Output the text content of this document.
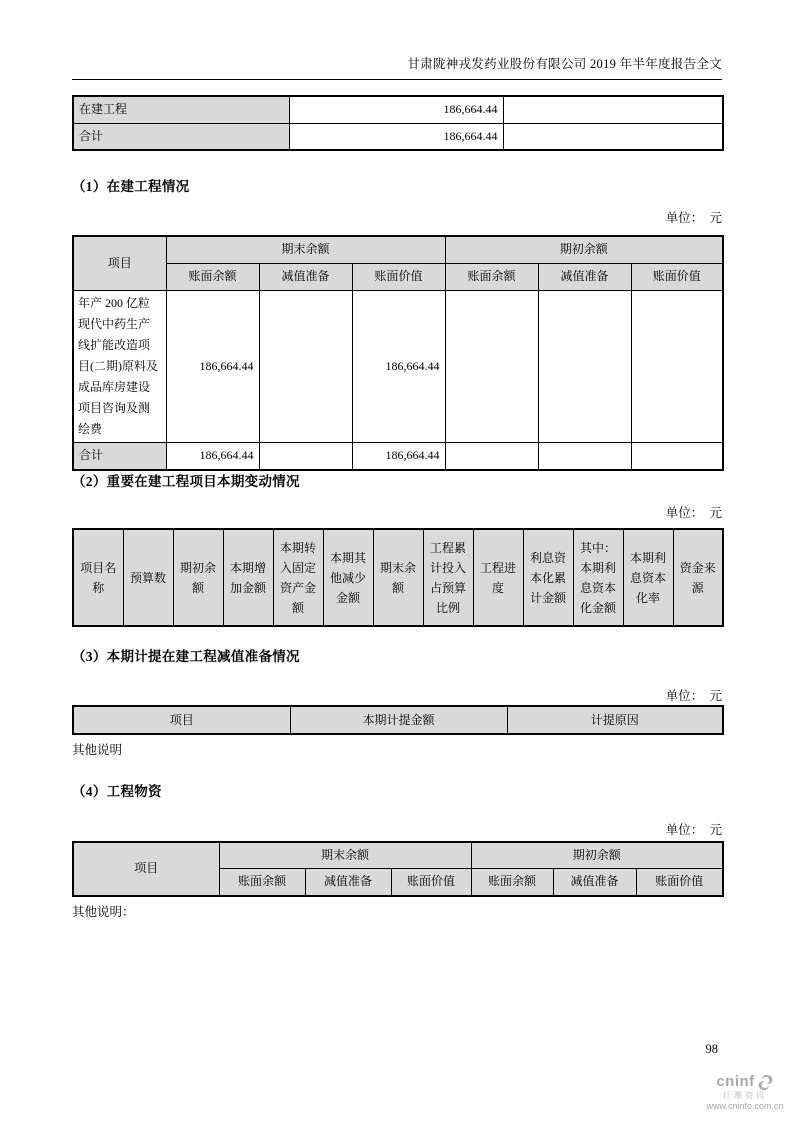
甘肃陇神戎发药业股份有限公司 2019 年半年度报告全文
在建工程	186,664.44	
合计	186,664.44	
（1）在建工程情况
单位：　元
项目	期末余额			期初余额		
	账面余额	减值准备	账面价值	账面余额	减值准备	账面价值
年产 200 亿粒现代中药生产线扩能改造项目(二期)原料及成品库房建设项目咨询及测绘费	186,664.44		186,664.44			
合计	186,664.44		186,664.44			
（2）重要在建工程项目本期变动情况
单位：　元
项目名称	预算数	期初余额	本期增加金额	本期转入固定资产金额	本期其他减少金额	期末余额	工程累计投入占预算比例	工程进度	利息资本化累计金额	其中：本期利息资本化金额	本期利息资本化率	资金来源
（3）本期计提在建工程减值准备情况
单位：　元
项目	本期计提金额	计提原因
其他说明
（4）工程物资
单位：　元
项目	期末余额			期初余额		
	账面余额	减值准备	账面价值	账面余额	减值准备	账面价值
其他说明：
98
cninf
巨潮资讯
www.cninfo.com.cn
